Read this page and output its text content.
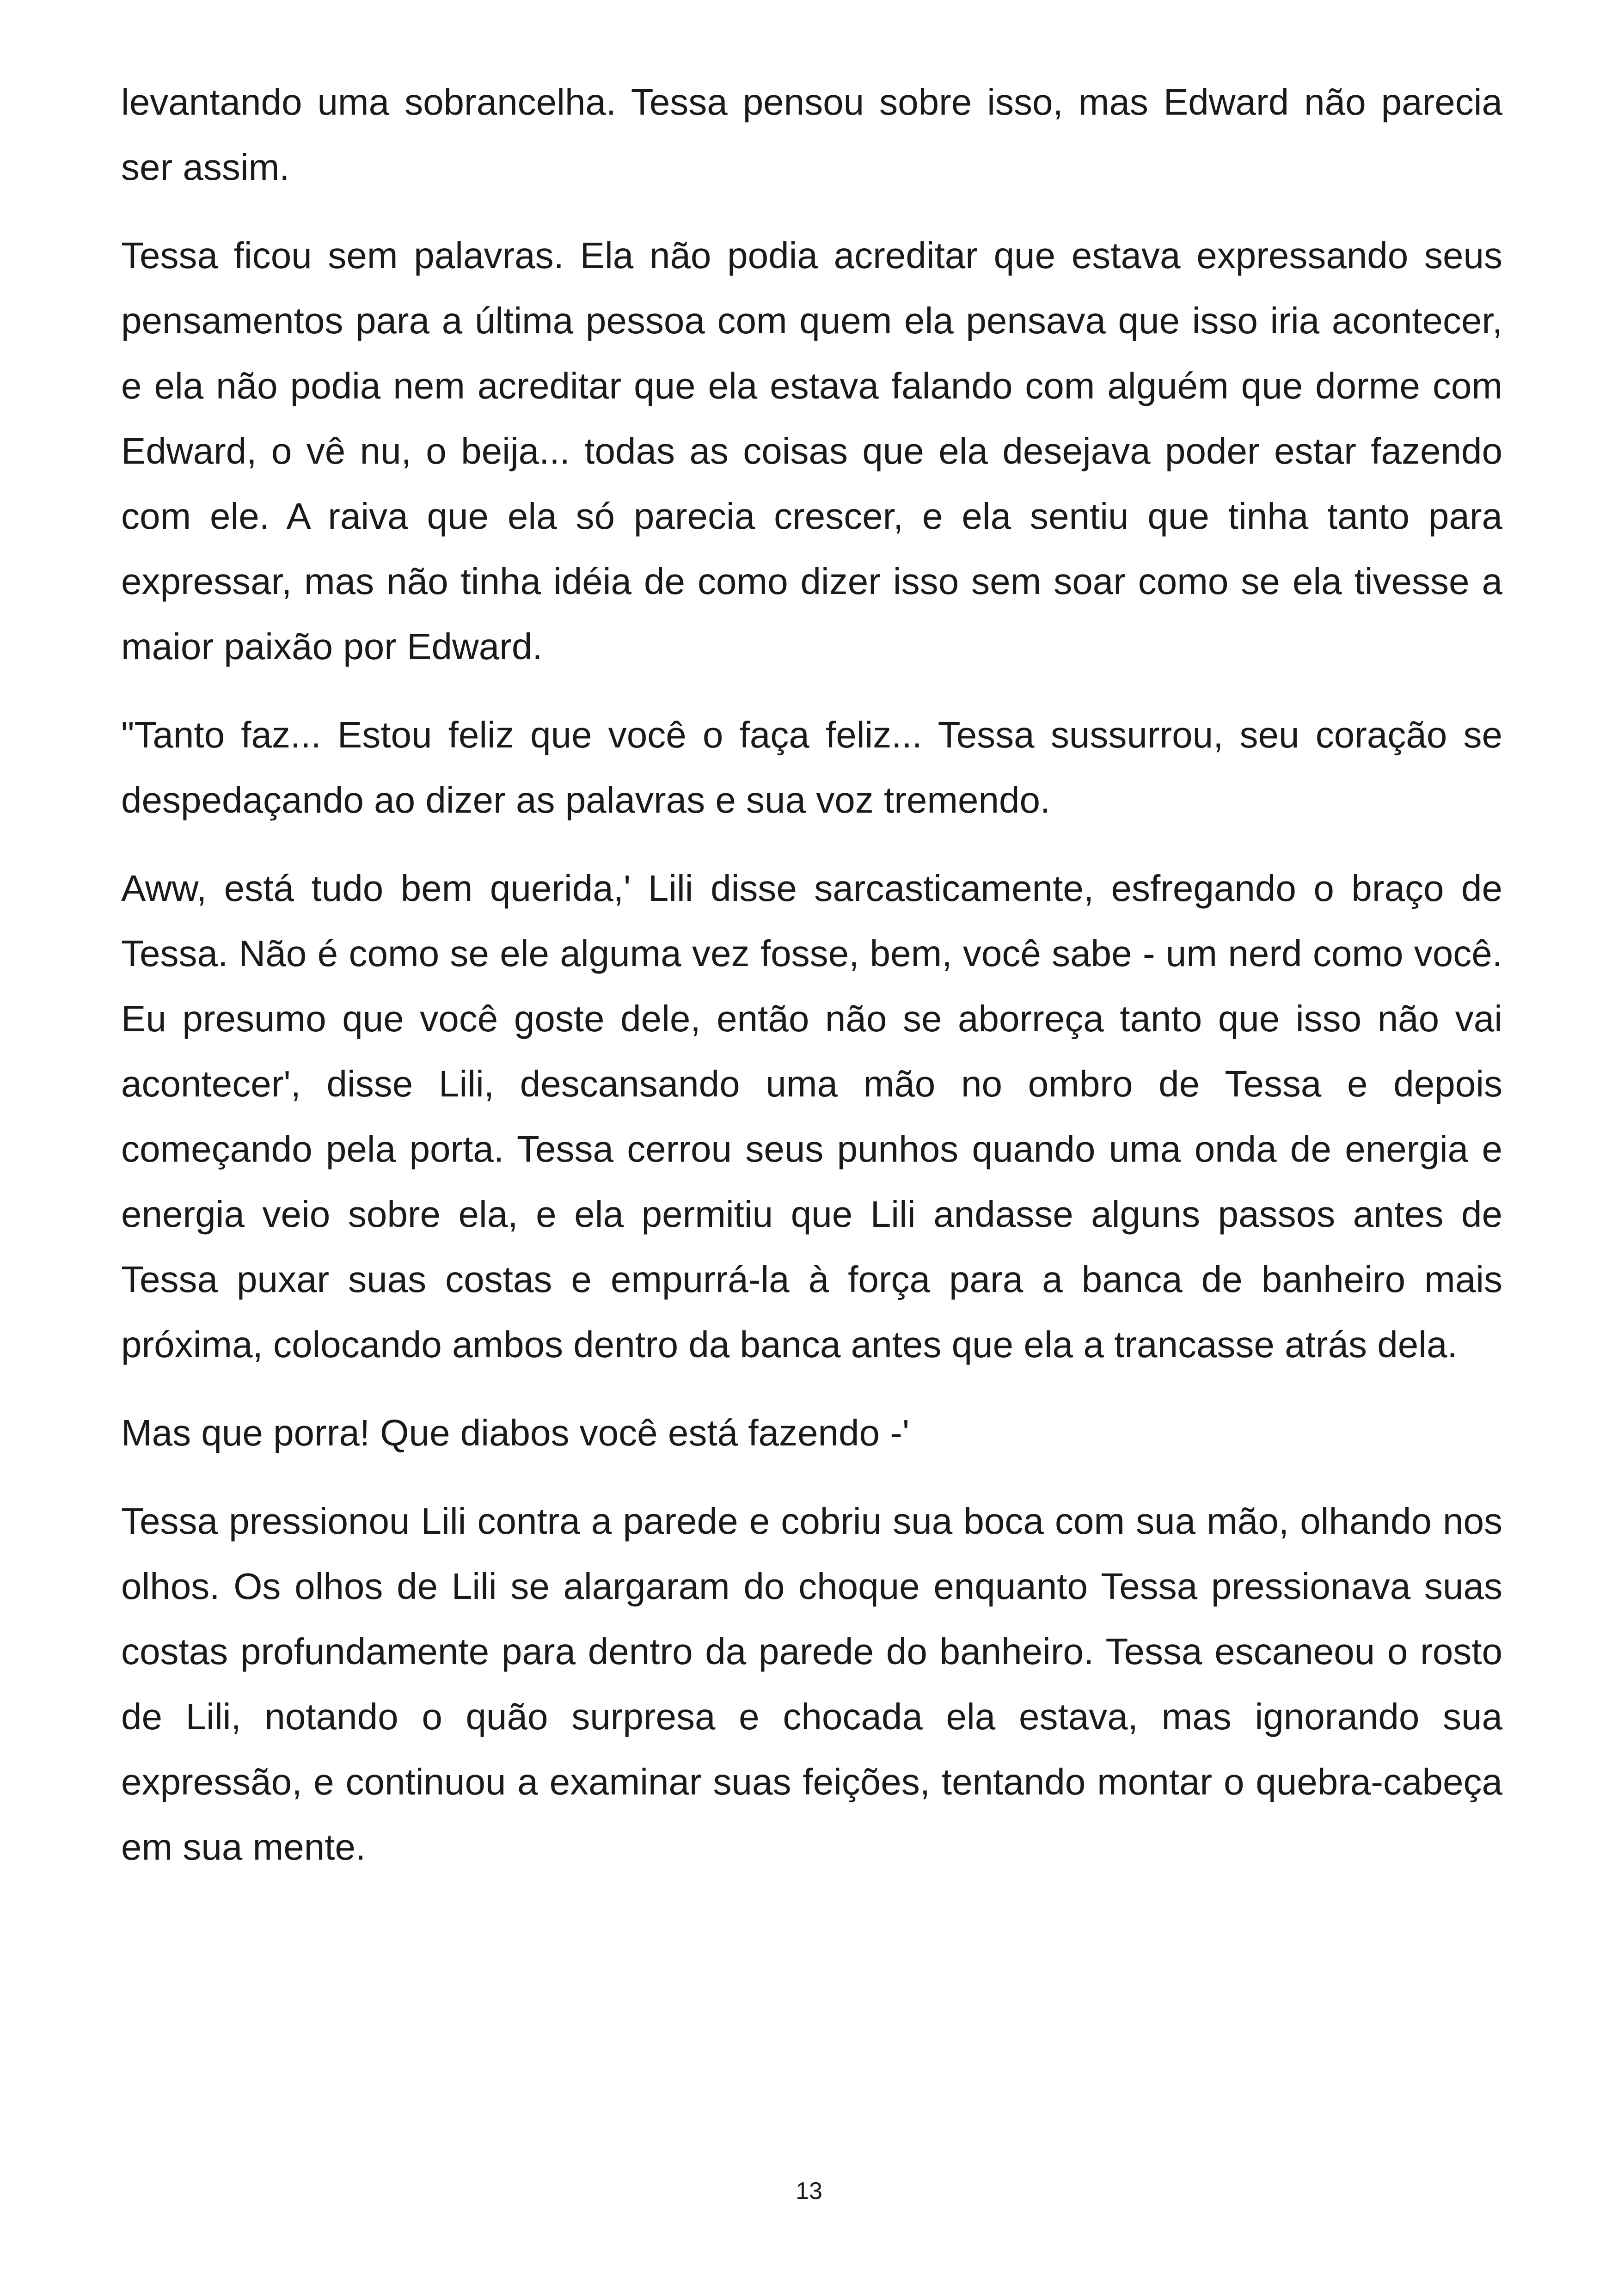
levantando uma sobrancelha. Tessa pensou sobre isso, mas Edward não parecia ser assim.

Tessa ficou sem palavras. Ela não podia acreditar que estava expressando seus pensamentos para a última pessoa com quem ela pensava que isso iria acontecer, e ela não podia nem acreditar que ela estava falando com alguém que dorme com Edward, o vê nu, o beija... todas as coisas que ela desejava poder estar fazendo com ele. A raiva que ela só parecia crescer, e ela sentiu que tinha tanto para expressar, mas não tinha idéia de como dizer isso sem soar como se ela tivesse a maior paixão por Edward.

"Tanto faz... Estou feliz que você o faça feliz... Tessa sussurrou, seu coração se despedaçando ao dizer as palavras e sua voz tremendo.

Aww, está tudo bem querida,' Lili disse sarcasticamente, esfregando o braço de Tessa. Não é como se ele alguma vez fosse, bem, você sabe - um nerd como você. Eu presumo que você goste dele, então não se aborreça tanto que isso não vai acontecer', disse Lili, descansando uma mão no ombro de Tessa e depois começando pela porta. Tessa cerrou seus punhos quando uma onda de energia e energia veio sobre ela, e ela permitiu que Lili andasse alguns passos antes de Tessa puxar suas costas e empurrá-la à força para a banca de banheiro mais próxima, colocando ambos dentro da banca antes que ela a trancasse atrás dela.

Mas que porra! Que diabos você está fazendo -'

Tessa pressionou Lili contra a parede e cobriu sua boca com sua mão, olhando nos olhos. Os olhos de Lili se alargaram do choque enquanto Tessa pressionava suas costas profundamente para dentro da parede do banheiro. Tessa escaneou o rosto de Lili, notando o quão surpresa e chocada ela estava, mas ignorando sua expressão, e continuou a examinar suas feições, tentando montar o quebra-cabeça em sua mente.

13
